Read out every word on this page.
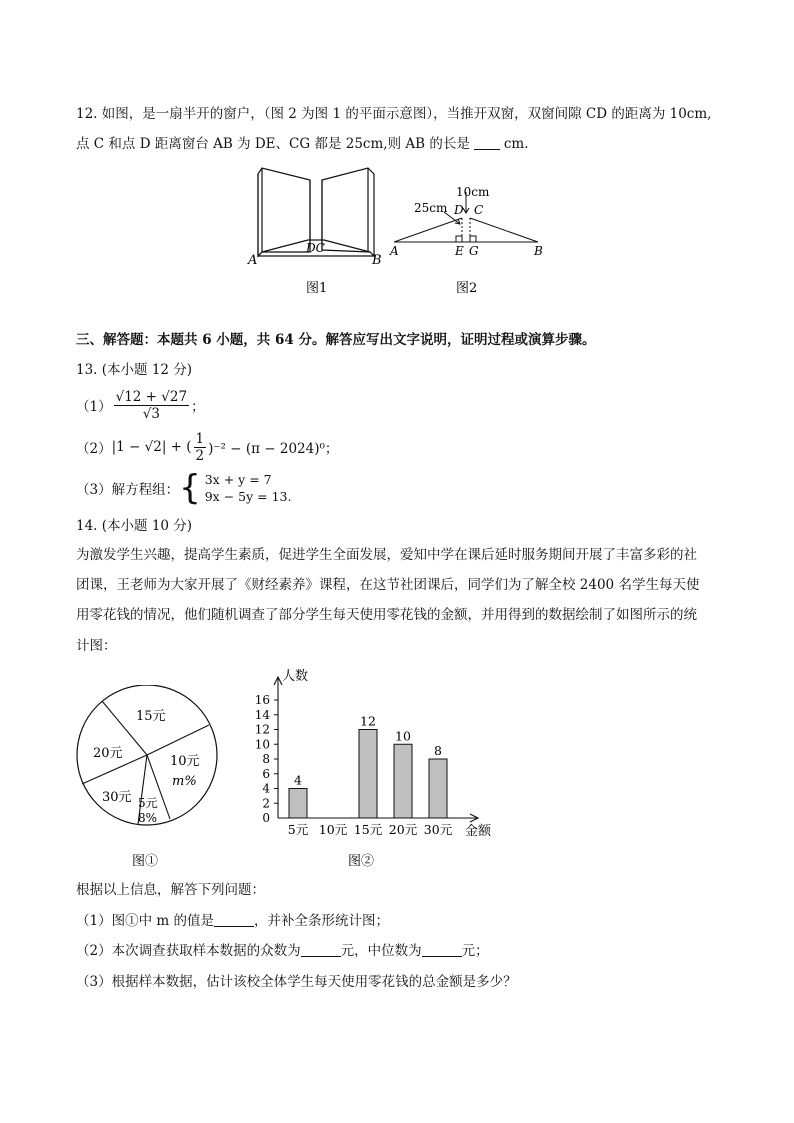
12. 如图，是一扇半开的窗户，（图 2 为图 1 的平面示意图），当推开双窗，双窗间隙 CD 的距离为 10cm,
点 C 和点 D 距离窗台 AB 为 DE、CG 都是 25cm,则 AB 的长是	cm.
A	B
DC
图1
10cm
25cm D C
A	E G	B
图2
三、解答题：本题共 6 小题，共 64 分。解答应写出文字说明，证明过程或演算步骤。
13. (本小题 12 分)
$(1) \frac{√12 + √27}{√3}$ ；
（2） |1 − √2| + ( $\frac{1}{2} )^{-2} - (\pi - 2024)^0$；
（3）解方程组： { 3x + y = 7
9x − 5y = 13.
14. (本小题 10 分)
为激发学生兴趣，提高学生素质，促进学生全面发展，爱知中学在课后延时服务期间开展了丰富多彩的社
团课，王老师为大家开展了《财经素养》课程，在这节社团课后，同学们为了解全校 2400 名学生每天使
用零花钱的情况，他们随机调查了部分学生每天使用零花钱的金额，并用得到的数据绘制了如图所示的统
计图：
15元
20元
10元
m%
30元 5元
8%
图①
人数
金额
0
2
4
6
8
10
12
14
16
5元
4
10元 15元
12
20元
10
30元
8
图②
根据以上信息，解答下列问题：
（1）图①中 m 的值是	，并补全条形统计图；
（2）本次调查获取样本数据的众数为	元，中位数为	元；
（3）根据样本数据，估计该校全体学生每天使用零花钱的总金额是多少？
